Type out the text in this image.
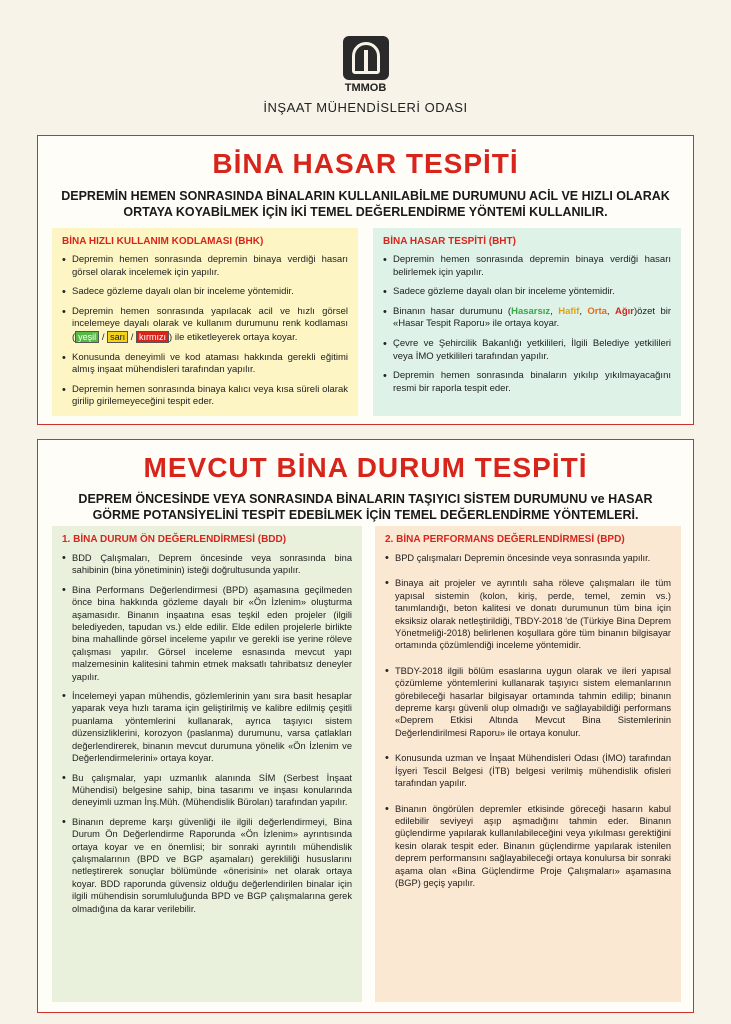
TMMOB
İNŞAAT MÜHENDİSLERİ ODASI
BİNA HASAR TESPİTİ
DEPREMİN HEMEN SONRASINDA BİNALARIN KULLANILABİLME DURUMUNU ACİL VE HIZLI OLARAK ORTAYA KOYABİLMEK İÇİN İKİ TEMEL DEĞERLENDİRME YÖNTEMİ KULLANILIR.
BİNA HIZLI KULLANIM KODLAMASI (BHK)
• Depremin hemen sonrasında depremin binaya verdiği hasarı görsel olarak incelemek için yapılır.
• Sadece gözleme dayalı olan bir inceleme yöntemidir.
• Depremin hemen sonrasında yapılacak acil ve hızlı görsel incelemeye dayalı olarak ve kullanım durumunu renk kodlaması ( yeşil / sarı / kırmızı ) ile etiketleyerek ortaya koyar.
• Konusunda deneyimli ve kod ataması hakkında gerekli eğitimi almış inşaat mühendisleri tarafından yapılır.
• Depremin hemen sonrasında binaya kalıcı veya kısa süreli olarak girilip girilemeyeceğini tespit eder.
BİNA HASAR TESPİTİ (BHT)
• Depremin hemen sonrasında depremin binaya verdiği hasarı belirlemek için yapılır.
• Sadece gözleme dayalı olan bir inceleme yöntemidir.
• Binanın hasar durumunu (Hasarsız, Hafif, Orta, Ağır)özet bir «Hasar Tespit Raporu» ile ortaya koyar.
• Çevre ve Şehircilik Bakanlığı yetkilileri, İlgili Belediye yetkilileri veya İMO yetkilileri tarafından yapılır.
• Depremin hemen sonrasında binaların yıkılıp yıkılmayacağını resmi bir raporla tespit eder.
MEVCUT BİNA DURUM TESPİTİ
DEPREM ÖNCESİNDE VEYA SONRASINDA BİNALARIN TAŞIYICI SİSTEM DURUMUNU ve HASAR GÖRME POTANSİYELİNİ TESPİT EDEBİLMEK İÇİN TEMEL DEĞERLENDİRME YÖNTEMLERİ.
1. BİNA DURUM ÖN DEĞERLENDİRMESİ (BDD)
• BDD Çalışmaları, Deprem öncesinde veya sonrasında bina sahibinin (bina yönetiminin) isteği doğrultusunda yapılır.
• Bina Performans Değerlendirmesi (BPD) aşamasına geçilmeden önce bina hakkında gözleme dayalı bir «Ön İzlenim» oluşturma aşamasıdır. Binanın inşaatına esas teşkil eden projeler (ilgili belediyeden, tapudan vs.) elde edilir. Elde edilen projelerle birlikte bina mahallinde görsel inceleme yapılır ve gerekli ise yerine röleve çalışması yapılır. Görsel inceleme esnasında mevcut yapı malzemesinin kalitesini tahmin etmek maksatlı tahribatsız deneyler yapılır.
• İncelemeyi yapan mühendis, gözlemlerinin yanı sıra basit hesaplar yaparak veya hızlı tarama için geliştirilmiş ve kalibre edilmiş çeşitli puanlama yöntemlerini kullanarak, ayrıca taşıyıcı sistem düzensizliklerini, korozyon (paslanma) durumunu, varsa çatlakları değerlendirerek, binanın mevcut durumuna yönelik «Ön İzlenim ve Değerlendirmelerini» ortaya koyar.
• Bu çalışmalar, yapı uzmanlık alanında SİM (Serbest İnşaat Mühendisi) belgesine sahip, bina tasarımı ve inşası konularında deneyimli uzman İnş.Müh. (Mühendislik Büroları) tarafından yapılır.
• Binanın depreme karşı güvenliği ile ilgili değerlendirmeyi, Bina Durum Ön Değerlendirme Raporunda «Ön İzlenim» ayrıntısında ortaya koyar ve en önemlisi; bir sonraki ayrıntılı mühendislik çalışmalarının (BPD ve BGP aşamaları) gerekliliği hususlarını netleştirerek sonuçlar bölümünde «önerisini» net olarak ortaya koyar. BDD raporunda güvensiz olduğu değerlendirilen binalar için ilgili mühendisin sorumluluğunda BPD ve BGP çalışmalarına gerek olmadığına da karar verilebilir.
2. BİNA PERFORMANS DEĞERLENDİRMESİ (BPD)
• BPD çalışmaları Depremin öncesinde veya sonrasında yapılır.
• Binaya ait projeler ve ayrıntılı saha röleve çalışmaları ile tüm yapısal sistemin (kolon, kiriş, perde, temel, zemin vs.) tanımlandığı, beton kalitesi ve donatı durumunun tüm bina için eksiksiz olarak netleştirildiği, TBDY-2018 'de (Türkiye Bina Deprem Yönetmeliği-2018) belirlenen koşullara göre tüm binanın bilgisayar ortamında çözümlendiği inceleme yöntemidir.
• TBDY-2018 ilgili bölüm esaslarına uygun olarak ve ileri yapısal çözümleme yöntemlerini kullanarak taşıyıcı sistem elemanlarının görebileceği hasarlar bilgisayar ortamında tahmin edilip; binanın depreme karşı güvenli olup olmadığı ve sağlayabildiği performans «Deprem Etkisi Altında Mevcut Bina Sistemlerinin Değerlendirilmesi Raporu» ile ortaya konulur.
• Konusunda uzman ve İnşaat Mühendisleri Odası (İMO) tarafından İşyeri Tescil Belgesi (İTB) belgesi verilmiş mühendislik ofisleri tarafından yapılır.
• Binanın öngörülen depremler etkisinde göreceği hasarın kabul edilebilir seviyeyi aşıp aşmadığını tahmin eder. Binanın güçlendirme yapılarak kullanılabileceğini veya yıkılması gerektiğini kesin olarak tespit eder. Binanın güçlendirme yapılarak istenilen deprem performansını sağlayabileceği ortaya konulursa bir sonraki aşama olan «Bina Güçlendirme Proje Çalışmaları» aşamasına (BGP) geçiş yapılır.
